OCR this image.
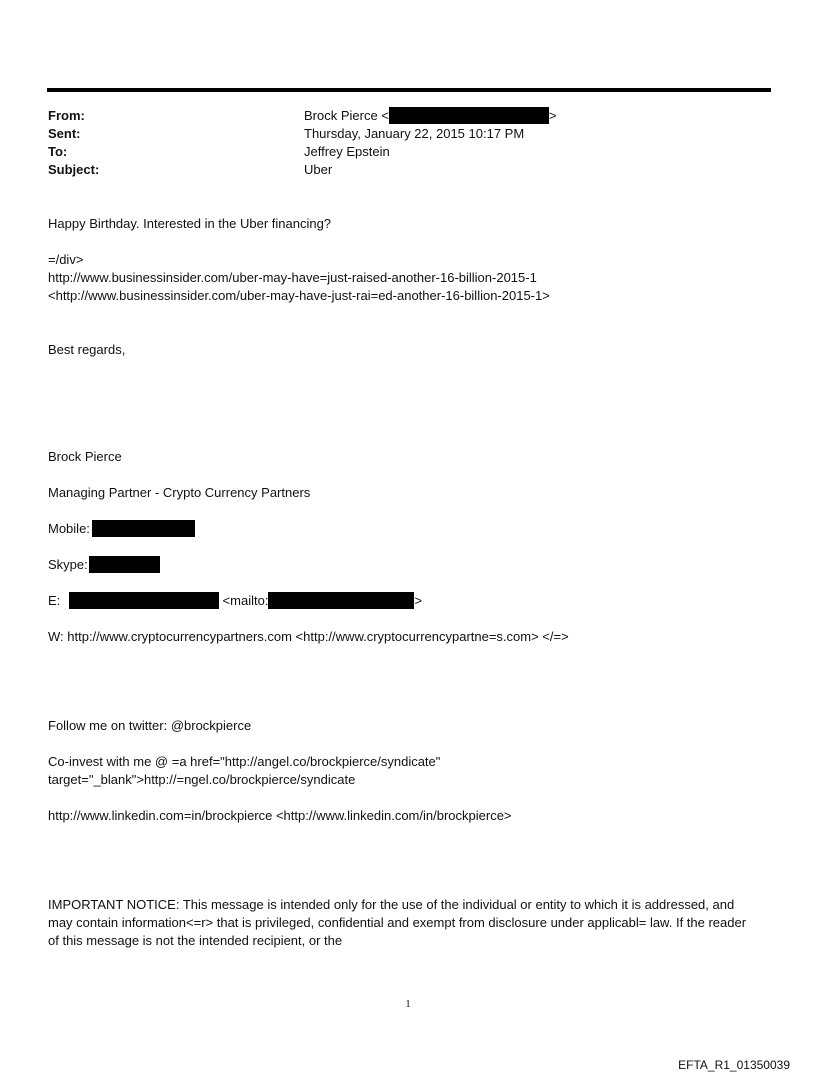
From:	Brock Pierce <	>
Sent:	Thursday, January 22, 2015 10:17 PM
To:	Jeffrey Epstein
Subject:	Uber
Happy Birthday. Interested in the Uber financing?
=/div>
http://www.businessinsider.com/uber-may-have=just-raised-another-16-billion-2015-1
<http://www.businessinsider.com/uber-may-have-just-rai=ed-another-16-billion-2015-1>
Best regards,
Brock Pierce
Managing Partner - Crypto Currency Partners
Mobile:
Skype:
E:	<mailto:	>
W: http://www.cryptocurrencypartners.com <http://www.cryptocurrencypartne=s.com> </=>
Follow me on twitter: @brockpierce
Co-invest with me @ =a href="http://angel.co/brockpierce/syndicate"
target="_blank">http://=ngel.co/brockpierce/syndicate
http://www.linkedin.com=in/brockpierce <http://www.linkedin.com/in/brockpierce>
IMPORTANT NOTICE: This message is intended only for the use of the individual or entity to which it is addressed, and may contain information<=r> that is privileged, confidential and exempt from disclosure under applicabl= law. If the reader of this message is not the intended recipient, or the
1
EFTA_R1_01350039
